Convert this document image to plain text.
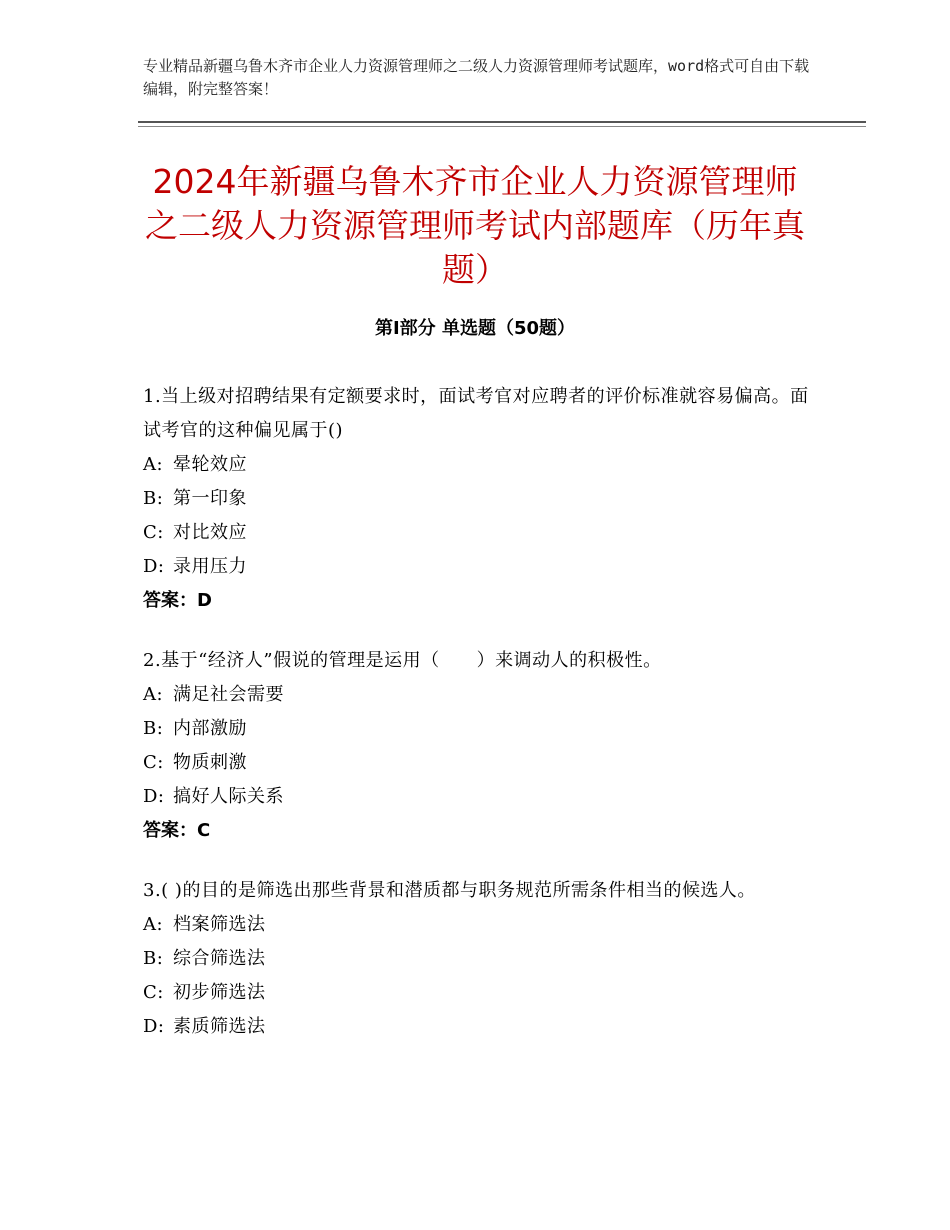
专业精品新疆乌鲁木齐市企业人力资源管理师之二级人力资源管理师考试题库，word格式可自由下载编辑，附完整答案！
2024年新疆乌鲁木齐市企业人力资源管理师之二级人力资源管理师考试内部题库（历年真题）
第Ⅰ部分 单选题（50题）
1.当上级对招聘结果有定额要求时，面试考官对应聘者的评价标准就容易偏高。面试考官的这种偏见属于()
A: 晕轮效应
B: 第一印象
C: 对比效应
D: 录用压力
答案：D
2.基于“经济人”假说的管理是运用（　　）来调动人的积极性。
A: 满足社会需要
B: 内部激励
C: 物质刺激
D: 搞好人际关系
答案：C
3.( )的目的是筛选出那些背景和潜质都与职务规范所需条件相当的候选人。
A: 档案筛选法
B: 综合筛选法
C: 初步筛选法
D: 素质筛选法
